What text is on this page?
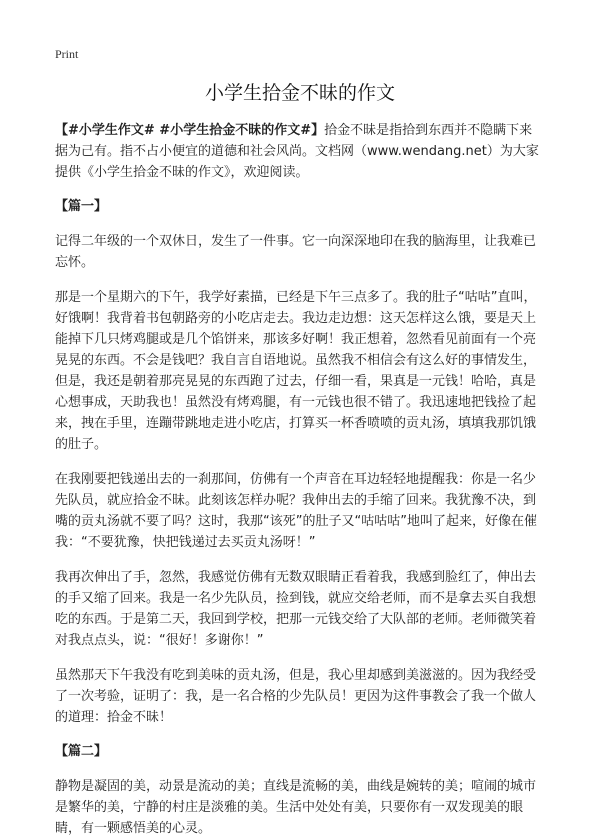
Print
小学生拾金不昧的作文

【#小学生作文# #小学生拾金不昧的作文#】拾金不昧是指拾到东西并不隐瞒下来据为己有。指不占小便宜的道德和社会风尚。文档网（www.wendang.net）为大家提供《小学生拾金不昧的作文》，欢迎阅读。

【篇一】

记得二年级的一个双休日，发生了一件事。它一向深深地印在我的脑海里，让我难已忘怀。

那是一个星期六的下午，我学好素描，已经是下午三点多了。我的肚子“咕咕”直叫，好饿啊！我背着书包朝路旁的小吃店走去。我边走边想：这天怎样这么饿，要是天上能掉下几只烤鸡腿或是几个馅饼来，那该多好啊！我正想着，忽然看见前面有一个亮晃晃的东西。不会是钱吧？我自言自语地说。虽然我不相信会有这么好的事情发生，但是，我还是朝着那亮晃晃的东西跑了过去，仔细一看，果真是一元钱！哈哈，真是心想事成，天助我也！虽然没有烤鸡腿，有一元钱也很不错了。我迅速地把钱捡了起来，拽在手里，连蹦带跳地走进小吃店，打算买一杯香喷喷的贡丸汤，填填我那饥饿的肚子。

在我刚要把钱递出去的一刹那间，仿佛有一个声音在耳边轻轻地提醒我：你是一名少先队员，就应拾金不昧。此刻该怎样办呢？我伸出去的手缩了回来。我犹豫不决，到嘴的贡丸汤就不要了吗？这时，我那“该死”的肚子又“咕咕咕”地叫了起来，好像在催我：“不要犹豫，快把钱递过去买贡丸汤呀！”

我再次伸出了手，忽然，我感觉仿佛有无数双眼睛正看着我，我感到脸红了，伸出去的手又缩了回来。我是一名少先队员，捡到钱，就应交给老师，而不是拿去买自我想吃的东西。于是第二天，我回到学校，把那一元钱交给了大队部的老师。老师微笑着对我点点头，说：“很好！多谢你！”

虽然那天下午我没有吃到美味的贡丸汤，但是，我心里却感到美滋滋的。因为我经受了一次考验，证明了：我，是一名合格的少先队员！更因为这件事教会了我一个做人的道理：拾金不昧！

【篇二】

静物是凝固的美，动景是流动的美；直线是流畅的美，曲线是婉转的美；喧闹的城市是繁华的美，宁静的村庄是淡雅的美。生活中处处有美，只要你有一双发现美的眼睛，有一颗感悟美的心灵。
